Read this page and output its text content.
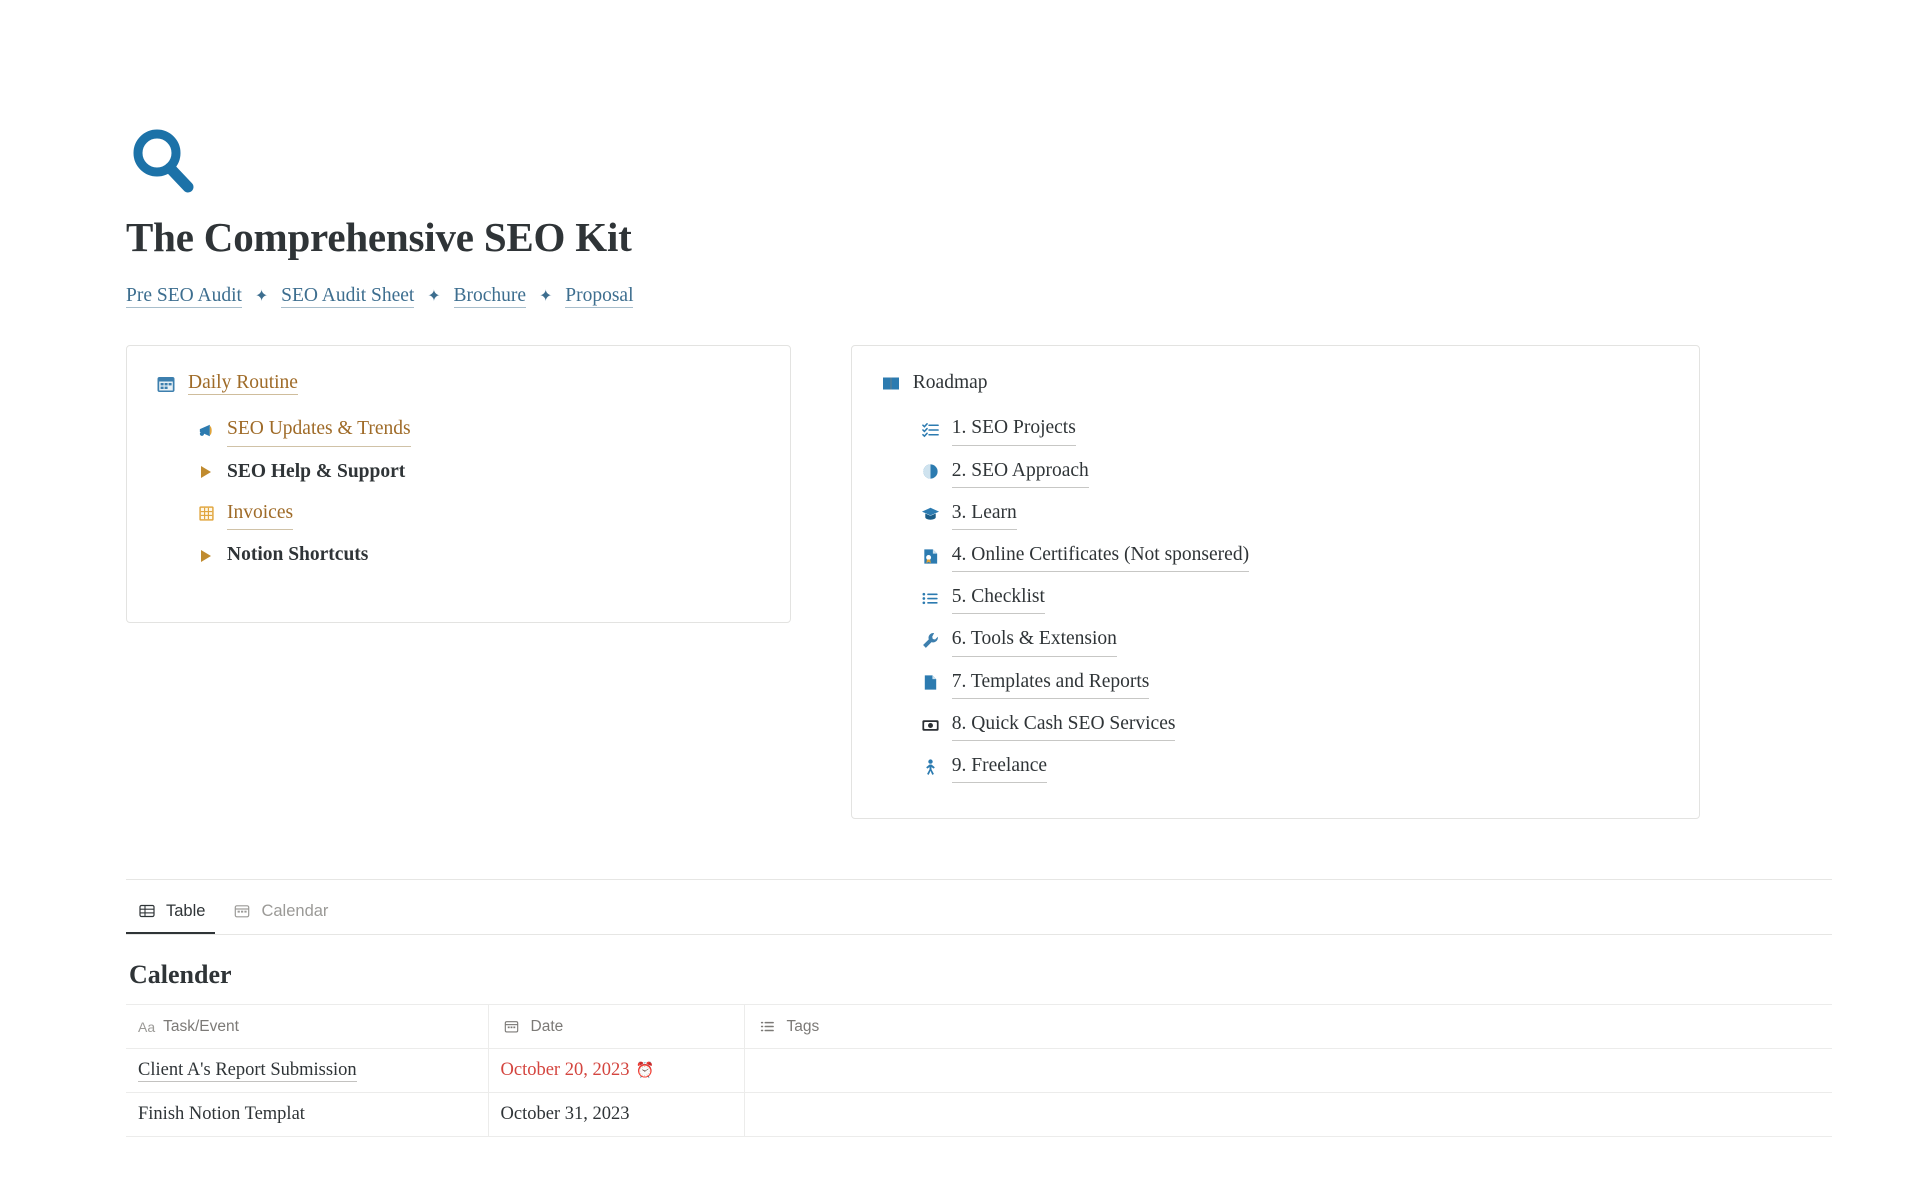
The Comprehensive SEO Kit
Pre SEO Audit ✦ SEO Audit Sheet ✦ Brochure ✦ Proposal
Daily Routine
SEO Updates & Trends
SEO Help & Support
Invoices
Notion Shortcuts
Roadmap
1. SEO Projects
2. SEO Approach
3. Learn
4. Online Certificates (Not sponsered)
5. Checklist
6. Tools & Extension
7. Templates and Reports
8. Quick Cash SEO Services
9. Freelance
Table	Calendar
Calender
Aa Task/Event	Date	Tags

Client A's Report Submission	October 20, 2023 ⏰	
Finish Notion Templat	October 31, 2023	
